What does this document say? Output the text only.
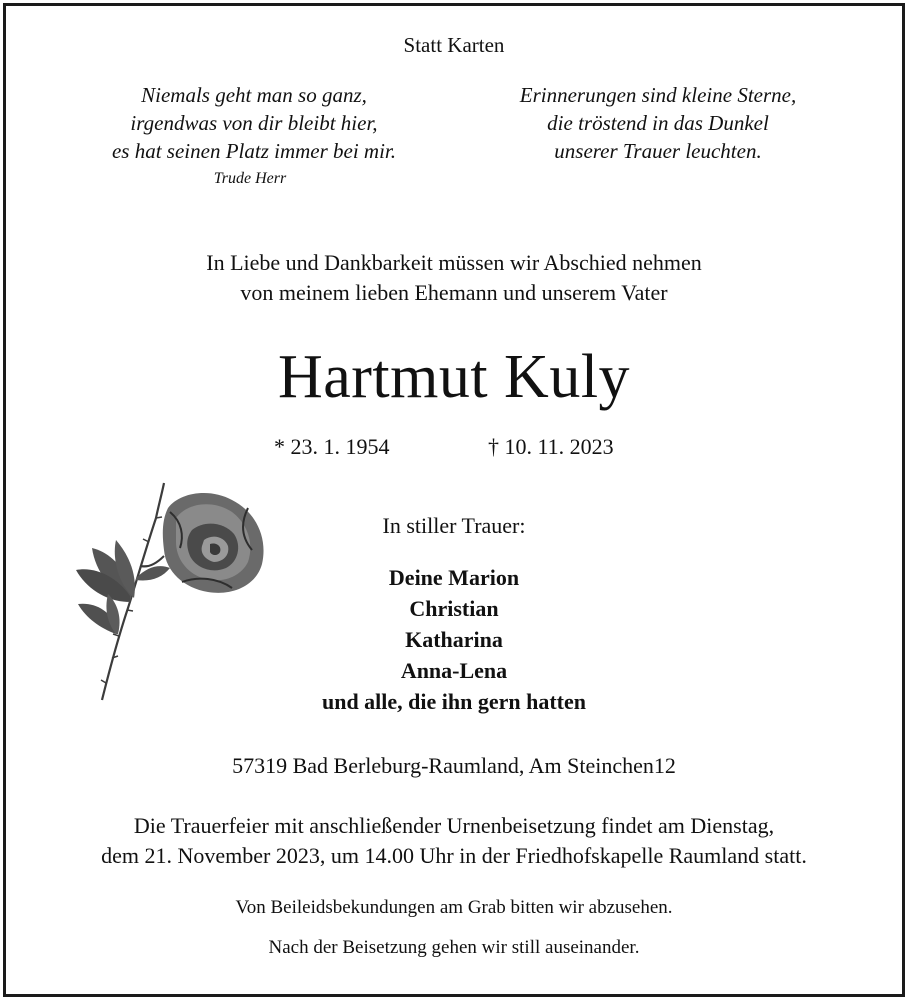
Statt Karten
Niemals geht man so ganz,
irgendwas von dir bleibt hier,
es hat seinen Platz immer bei mir.
Trude Herr
Erinnerungen sind kleine Sterne,
die tröstend in das Dunkel
unserer Trauer leuchten.
In Liebe und Dankbarkeit müssen wir Abschied nehmen
von meinem lieben Ehemann und unserem Vater
Hartmut Kuly
* 23. 1. 1954	† 10. 11. 2023
In stiller Trauer:
Deine Marion
Christian
Katharina
Anna-Lena
und alle, die ihn gern hatten
57319 Bad Berleburg-Raumland, Am Steinchen12
Die Trauerfeier mit anschließender Urnenbeisetzung findet am Dienstag,
dem 21. November 2023, um 14.00 Uhr in der Friedhofskapelle Raumland statt.
Von Beileidsbekundungen am Grab bitten wir abzusehen.
Nach der Beisetzung gehen wir still auseinander.
